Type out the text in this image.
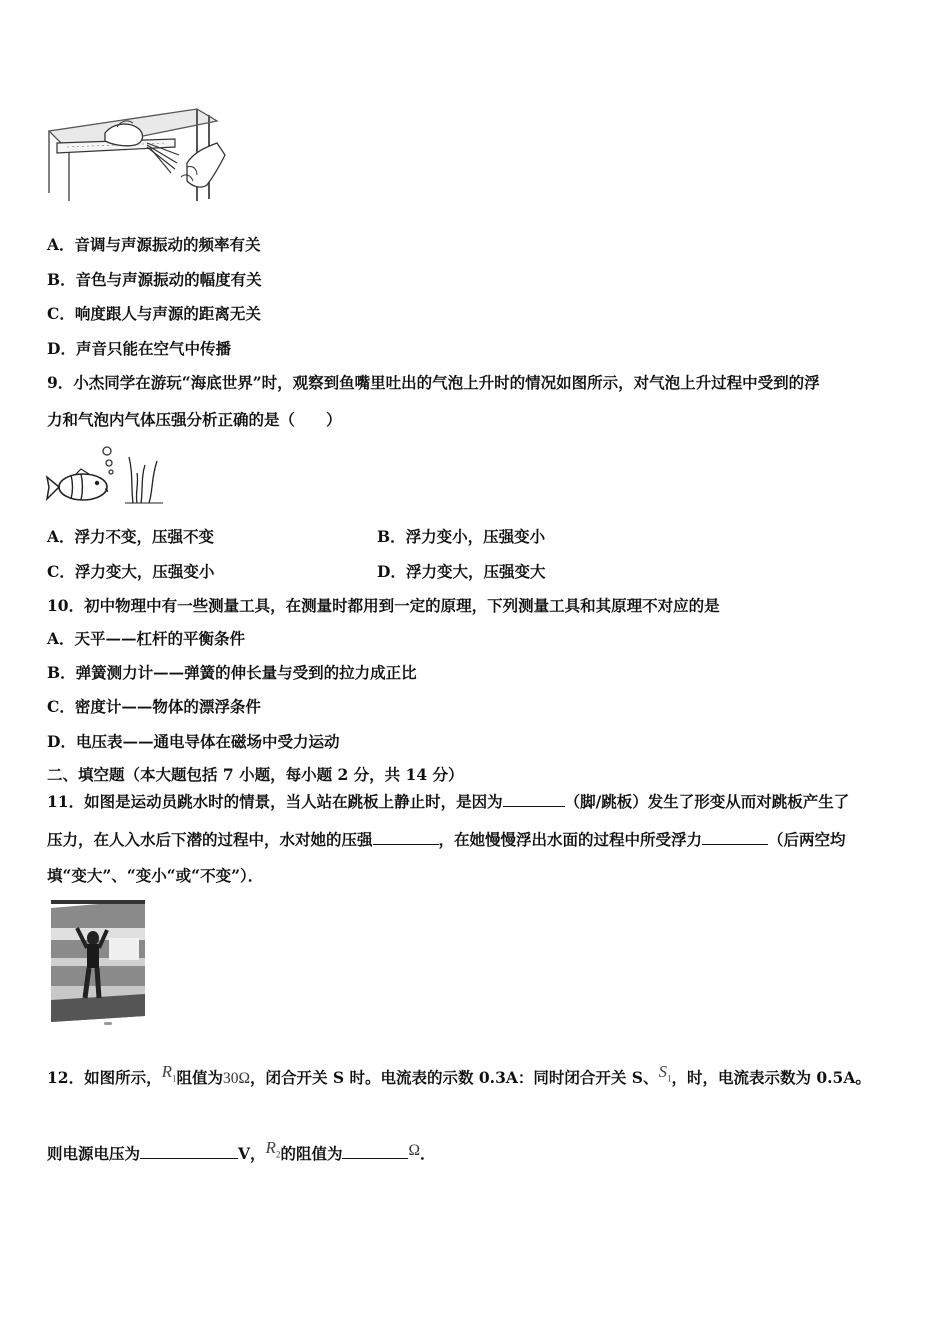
A．音调与声源振动的频率有关
B．音色与声源振动的幅度有关
C．响度跟人与声源的距离无关
D．声音只能在空气中传播
9．小杰同学在游玩“海底世界”时，观察到鱼嘴里吐出的气泡上升时的情况如图所示，对气泡上升过程中受到的浮
力和气泡内气体压强分析正确的是（　　）
A．浮力不变，压强不变	B．浮力变小，压强变小
C．浮力变大，压强变小	D．浮力变大，压强变大
10．初中物理中有一些测量工具，在测量时都用到一定的原理，下列测量工具和其原理不对应的是
A．天平——杠杆的平衡条件
B．弹簧测力计——弹簧的伸长量与受到的拉力成正比
C．密度计——物体的漂浮条件
D．电压表——通电导体在磁场中受力运动
二、填空题（本大题包括 7 小题，每小题 2 分，共 14 分）
11．如图是运动员跳水时的情景，当人站在跳板上静止时，是因为	（脚/跳板）发生了形变从而对跳板产生了
压力，在人入水后下潜的过程中，水对她的压强	，在她慢慢浮出水面的过程中所受浮力	（后两空均
填“变大”、“变小“或“不变”）．
12．如图所示，$R_1$阻值为30Ω，闭合开关 S 时。电流表的示数 0.3A：同时闭合开关 S、$S_1$，时，电流表示数为 0.5A。
则电源电压为	V，$R_2$的阻值为	Ω．
